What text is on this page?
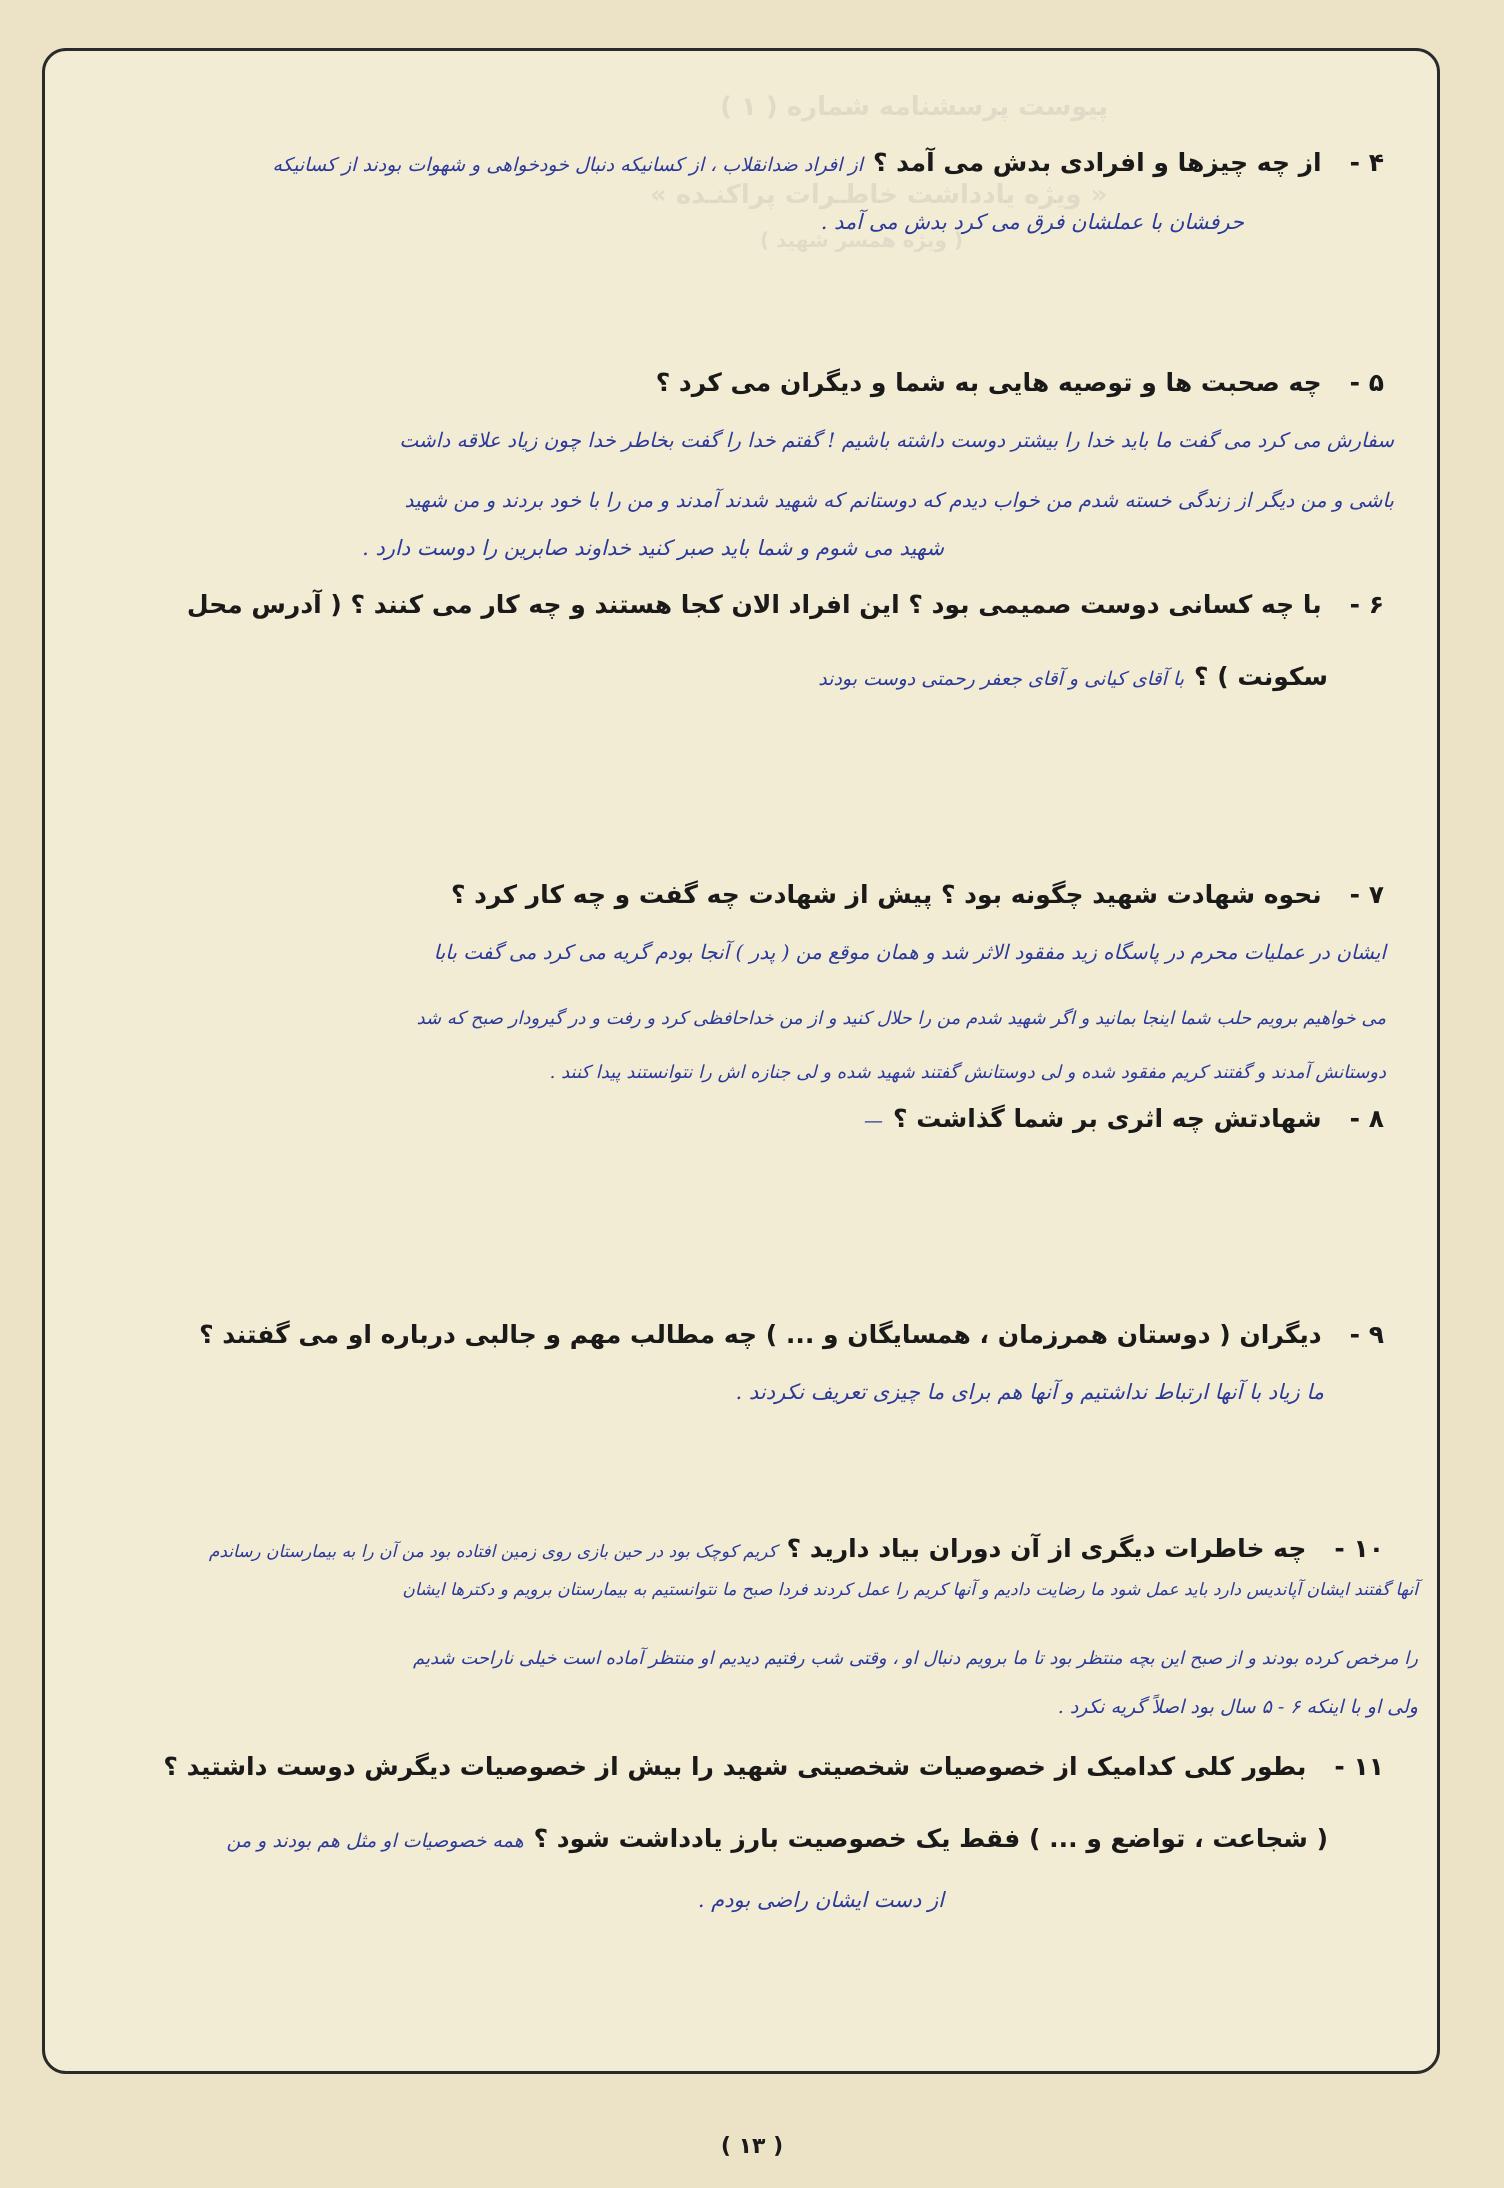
پیوست پرسشنامه شماره ( ۱ )
« ویژه یادداشت خاطـرات پراکنـده »
( ویژه همسر شهید )
۴ -از چه چیزها و افرادی بدش می آمد ؟از افراد ضدانقلاب ، از کسانیکه دنبال خودخواهی و شهوات بودند از کسانیکه
حرفشان با عملشان فرق می کرد بدش می آمد .
۵ -چه صحبت ها و توصیه هایی به شما و دیگران می کرد ؟
سفارش می کرد می گفت ما باید خدا را بیشتر دوست داشته باشیم ! گفتم خدا را گفت بخاطر خدا چون زیاد علاقه داشت
باشی و من دیگر از زندگی خسته شدم من خواب دیدم که دوستانم که شهید شدند آمدند و من را با خود بردند و من شهید
شهید می شوم و شما باید صبر کنید خداوند صابرین را دوست دارد .
۶ -با چه کسانی دوست صمیمی بود ؟ این افراد الان کجا هستند و چه کار می کنند ؟ ( آدرس محل
سکونت ) ؟با آقای کیانی و آقای جعفر رحمتی دوست بودند
۷ -نحوه شهادت شهید چگونه بود ؟ پیش از شهادت چه گفت و چه کار کرد ؟
ایشان در عملیات محرم در پاسگاه زید مفقود الاثر شد و همان موقع من ( پدر ) آنجا بودم گریه می کرد می گفت بابا
می خواهیم برویم حلب شما اینجا بمانید و اگر شهید شدم من را حلال کنید و از من خداحافظی کرد و رفت و در گیرودار صبح که شد
دوستانش آمدند و گفتند کریم مفقود شده و لی دوستانش گفتند شهید شده و لی جنازه اش را نتوانستند پیدا کنند .
۸ -شهادتش چه اثری بر شما گذاشت ؟—
۹ -دیگران ( دوستان همرزمان ، همسایگان و ... ) چه مطالب مهم و جالبی درباره او می گفتند ؟
ما زیاد با آنها ارتباط نداشتیم و آنها هم برای ما چیزی تعریف نکردند .
۱۰ -چه خاطرات دیگری از آن دوران بیاد دارید ؟کریم کوچک بود در حین بازی روی زمین افتاده بود من آن را به بیمارستان رساندم
آنها گفتند ایشان آپاندیس دارد باید عمل شود ما رضایت دادیم و آنها کریم را عمل کردند فردا صبح ما نتوانستیم به بیمارستان برویم و دکترها ایشان
را مرخص کرده بودند و از صبح این بچه منتظر بود تا ما برویم دنبال او ، وقتی شب رفتیم دیدیم او منتظر آماده است خیلی ناراحت شدیم
ولی او با اینکه ۶ - ۵ سال بود اصلاً گریه نکرد .
۱۱ -بطور کلی کدامیک از خصوصیات شخصیتی شهید را بیش از خصوصیات دیگرش دوست داشتید ؟
( شجاعت ، تواضع و ... ) فقط یک خصوصیت بارز یادداشت شود ؟همه خصوصیات او مثل هم بودند و من
از دست ایشان راضی بودم .
( ۱۳ )
